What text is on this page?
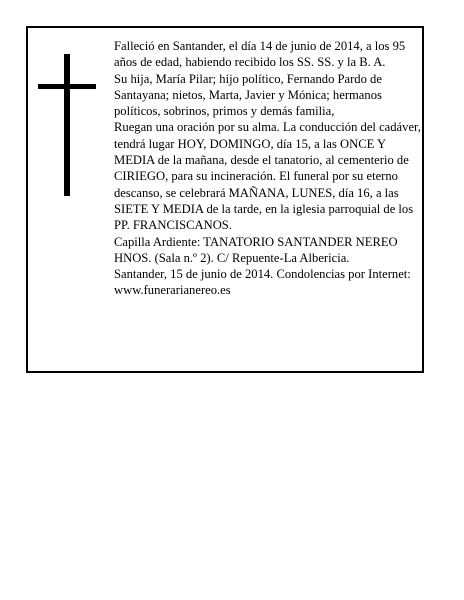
Falleció en Santander, el día 14 de junio de 2014, a los 95 años de edad, habiendo recibido los SS. SS. y la B. A.

Su hija, María Pilar; hijo político, Fernando Pardo de Santayana; nietos, Marta, Javier y Mónica; hermanos políticos, sobrinos, primos y demás familia,

Ruegan una oración por su alma. La conducción del cadáver, tendrá lugar HOY, DOMINGO, día 15, a las ONCE Y MEDIA de la mañana, desde el tanatorio, al cementerio de CIRIEGO, para su incineración. El funeral por su eterno descanso, se celebrará MAÑANA, LUNES, día 16, a las SIETE Y MEDIA de la tarde, en la iglesia parroquial de los PP. FRANCISCANOS.

Capilla Ardiente: TANATORIO SANTANDER NEREO HNOS. (Sala n.º 2). C/ Repuente-La Albericia.

Santander, 15 de junio de 2014. Condolencias por Internet: www.funerarianereo.es
